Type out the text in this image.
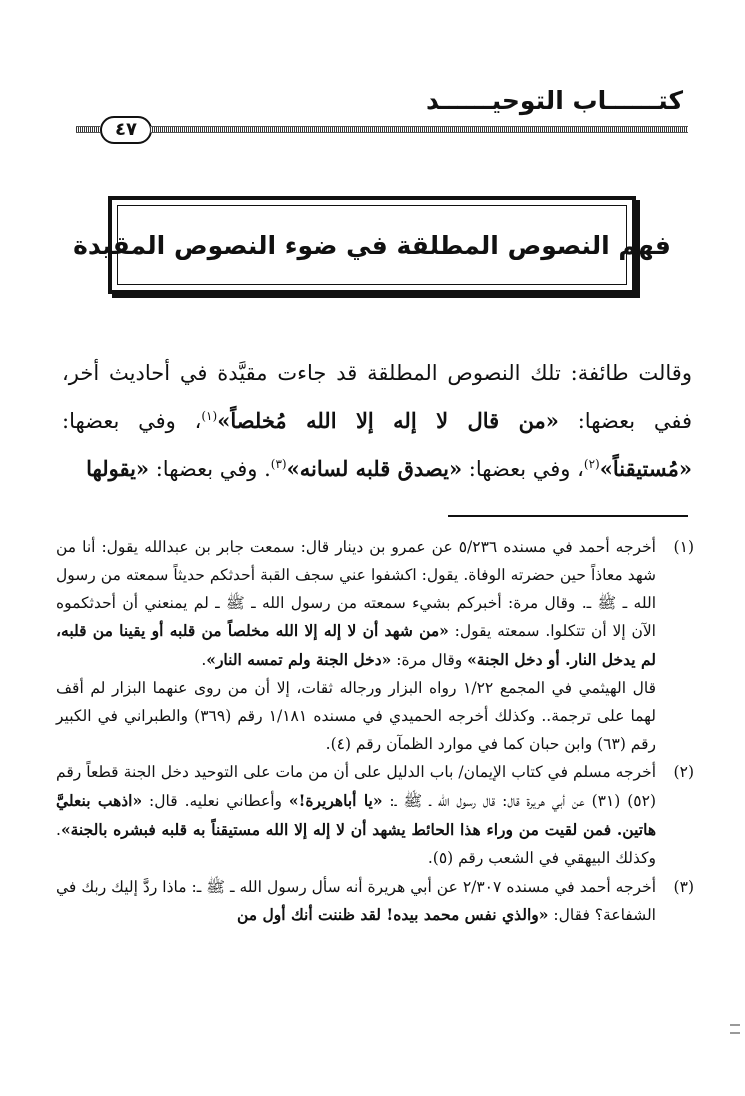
كتــــــاب التوحيــــــد
٤٧
فهم النصوص المطلقة في ضوء النصوص المقيدة
وقالت طائفة: تلك النصوص المطلقة قد جاءت مقيَّدة في أحاديث أخر، ففي بعضها: «من قال لا إله إلا الله مُخلصاً»$^{(١)}$، وفي بعضها: «مُستيقناً»$^{(٢)}$، وفي بعضها: «يصدق قلبه لسانه»$^{(٣)}$. وفي بعضها: «يقولها
(١)
أخرجه أحمد في مسنده ٥/٢٣٦ عن عمرو بن دينار قال: سمعت جابر بن عبدالله يقول: أنا من شهد معاذاً حين حضرته الوفاة. يقول: اكشفوا عني سجف القبة أحدثكم حديثاً سمعته من رسول الله ـ ﷺ ـ. وقال مرة: أخبركم بشيء سمعته من رسول الله ـ ﷺ ـ لم يمنعني أن أحدثكموه الآن إلا أن تتكلوا. سمعته يقول: «من شهد أن لا إله إلا الله مخلصاً من قلبه أو يقينا من قلبه، لم يدخل النار. أو دخل الجنة» وقال مرة: «دخل الجنة ولم تمسه النار».
قال الهيثمي في المجمع ١/٢٢ رواه البزار ورجاله ثقات، إلا أن من روى عنهما البزار لم أقف لهما على ترجمة.. وكذلك أخرجه الحميدي في مسنده ١/١٨١ رقم (٣٦٩) والطبراني في الكبير رقم (٦٣) وابن حبان كما في موارد الظمآن رقم (٤).
(٢)
أخرجه مسلم في كتاب الإيمان/ باب الدليل على أن من مات على التوحيد دخل الجنة قطعاً رقم (٥٢) (٣١) عن أبي هريرة قال: قال رسول الله ـ ﷺ ـ: «يا أباهريرة!» وأعطاني نعليه. قال: «اذهب بنعليَّ هاتين. فمن لقيت من وراء هذا الحائط يشهد أن لا إله إلا الله مستيقناً به قلبه فبشره بالجنة». وكذلك البيهقي في الشعب رقم (٥).
(٣)
أخرجه أحمد في مسنده ٢/٣٠٧ عن أبي هريرة أنه سأل رسول الله ـ ﷺ ـ: ماذا ردَّ إليك ربك في الشفاعة؟ فقال: «والذي نفس محمد بيده! لقد ظننت أنك أول من
